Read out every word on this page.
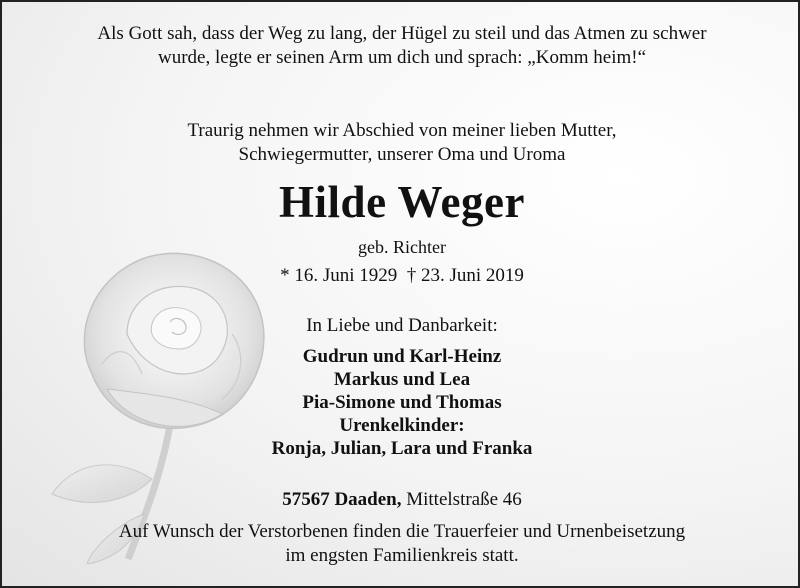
Als Gott sah, dass der Weg zu lang, der Hügel zu steil und das Atmen zu schwer
wurde, legte er seinen Arm um dich und sprach: „Komm heim!“
Traurig nehmen wir Abschied von meiner lieben Mutter,
Schwiegermutter, unserer Oma und Uroma
Hilde Weger
geb. Richter
* 16. Juni 1929 † 23. Juni 2019
In Liebe und Danbarkeit:
Gudrun und Karl-Heinz
Markus und Lea
Pia-Simone und Thomas
Urenkelkinder:
Ronja, Julian, Lara und Franka
57567 Daaden, Mittelstraße 46
Auf Wunsch der Verstorbenen finden die Trauerfeier und Urnenbeisetzung
im engsten Familienkreis statt.
